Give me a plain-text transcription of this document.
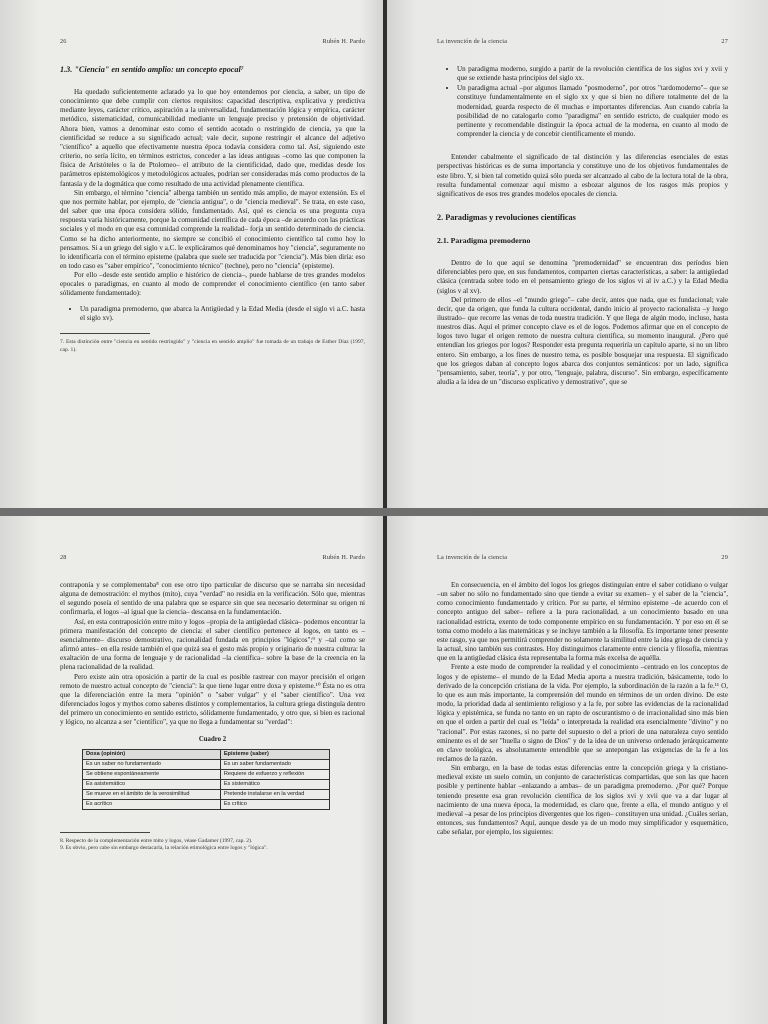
26	Rubén H. Pardo
1.3. "Ciencia" en sentido amplio: un concepto epocal⁷

Ha quedado suficientemente aclarado ya lo que hoy entendemos por ciencia, a saber, un tipo de conocimiento que debe cumplir con ciertos requisitos: capacidad descriptiva, explicativa y predictiva mediante leyes, carácter crítico, aspiración a la universalidad, fundamentación lógica y empírica, carácter metódico, sistematicidad, comunicabilidad mediante un lenguaje preciso y pretensión de objetividad. Ahora bien, vamos a denominar esto como el sentido acotado o restringido de ciencia, ya que la cientificidad se reduce a su significado actual; vale decir, supone restringir el alcance del adjetivo "científico" a aquello que efectivamente nuestra época todavía considera como tal. Así, siguiendo este criterio, no sería lícito, en términos estrictos, conceder a las ideas antiguas –como las que componen la física de Aristóteles o la de Ptolomeo– el atributo de la cientificidad, dado que, medidas desde los parámetros epistemológicos y metodológicos actuales, podrían ser consideradas más como productos de la fantasía y de la dogmática que como resultado de una actividad plenamente científica.

Sin embargo, el término "ciencia" alberga también un sentido más amplio, de mayor extensión. Es el que nos permite hablar, por ejemplo, de "ciencia antigua", o de "ciencia medieval". Se trata, en este caso, del saber que una época considera sólido, fundamentado. Así, qué es ciencia es una pregunta cuya respuesta varía históricamente, porque la comunidad científica de cada época –de acuerdo con las prácticas sociales y el modo en que esa comunidad comprende la realidad– forja un sentido determinado de ciencia. Como se ha dicho anteriormente, no siempre se concibió el conocimiento científico tal como hoy lo pensamos. Si a un griego del siglo v a.C. le explicáramos qué denominamos hoy "ciencia", seguramente no lo identificaría con el término episteme (palabra que suele ser traducida por "ciencia"). Más bien diría: eso en todo caso es "saber empírico", "conocimiento técnico" (techne), pero no "ciencia" (episteme).

Por ello –desde este sentido amplio e histórico de ciencia–, puede hablarse de tres grandes modelos epocales o paradigmas, en cuanto al modo de comprender el conocimiento científico (en tanto saber sólidamente fundamentado):

• Un paradigma premoderno, que abarca la Antigüedad y la Edad Media (desde el siglo vi a.C. hasta el siglo xv).

7. Esta distinción entre "ciencia en sentido restringido" y "ciencia en sentido amplio" fue tomada de un trabajo de Esther Díaz (1997, cap. 1).

La invención de la ciencia	27
• Un paradigma moderno, surgido a partir de la revolución científica de los siglos xvi y xvii y que se extiende hasta principios del siglo xx.
• Un paradigma actual –por algunos llamado "posmoderno", por otros "tardomoderno"– que se constituye fundamentalmente en el siglo xx y que si bien no difiere totalmente del de la modernidad, guarda respecto de él muchas e importantes diferencias. Aun cuando cabría la posibilidad de no catalogarlo como "paradigma" en sentido estricto, de cualquier modo es pertinente y recomendable distinguir la época actual de la moderna, en cuanto al modo de comprender la ciencia y de concebir científicamente el mundo.

Entender cabalmente el significado de tal distinción y las diferencias esenciales de estas perspectivas históricas es de suma importancia y constituye uno de los objetivos fundamentales de este libro. Y, si bien tal cometido quizá sólo pueda ser alcanzado al cabo de la lectura total de la obra, resulta fundamental comenzar aquí mismo a esbozar algunos de los rasgos más propios y significativos de esos tres grandes modelos epocales de ciencia.

2. Paradigmas y revoluciones científicas
2.1. Paradigma premoderno

Dentro de lo que aquí se denomina "premodernidad" se encuentran dos períodos bien diferenciables pero que, en sus fundamentos, comparten ciertas características, a saber: la antigüedad clásica (centrada sobre todo en el pensamiento griego de los siglos vi al iv a.C.) y la Edad Media (siglos v al xv).

Del primero de ellos –el "mundo griego"– cabe decir, antes que nada, que es fundacional; vale decir, que da origen, que funda la cultura occidental, dando inicio al proyecto racionalista –y luego ilustrado– que recorre las venas de toda nuestra tradición. Y que llega de algún modo, incluso, hasta nuestros días. Aquí el primer concepto clave es el de logos. Podemos afirmar que en el concepto de logos tuvo lugar el origen remoto de nuestra cultura científica, su momento inaugural. ¿Pero qué entendían los griegos por logos? Responder esta pregunta requeriría un capítulo aparte, si no un libro entero. Sin embargo, a los fines de nuestro tema, es posible bosquejar una respuesta. El significado que los griegos daban al concepto logos abarca dos conjuntos semánticos: por un lado, significa "pensamiento, saber, teoría", y por otro, "lenguaje, palabra, discurso". Sin embargo, específicamente aludía a la idea de un "discurso explicativo y demostrativo", que se

28	Rubén H. Pardo

contraponía y se complementaba⁸ con ese otro tipo particular de discurso que se narraba sin necesidad alguna de demostración: el mythos (mito), cuya "verdad" no residía en la verificación. Sólo que, mientras el segundo poseía el sentido de una palabra que se esparce sin que sea necesario determinar su origen ni confirmarla, el logos –al igual que la ciencia– descansa en la fundamentación.

Así, en esta contraposición entre mito y logos –propia de la antigüedad clásica– podemos encontrar la primera manifestación del concepto de ciencia: el saber científico pertenece al logos, en tanto es –esencialmente– discurso demostrativo, racionalidad fundada en principios "lógicos";⁹ y –tal como se afirmó antes– en ella reside también el que quizá sea el gesto más propio y originario de nuestra cultura: la exaltación de una forma de lenguaje y de racionalidad –la científica– sobre la base de la creencia en la plena racionalidad de la realidad.

Pero existe aún otra oposición a partir de la cual es posible rastrear con mayor precisión el origen remoto de nuestro actual concepto de "ciencia": la que tiene lugar entre doxa y episteme.¹⁰ Ésta no es otra que la diferenciación entre la mera "opinión" o "saber vulgar" y el "saber científico". Una vez diferenciados logos y mythos como saberes distintos y complementarios, la cultura griega distinguía dentro del primero un conocimiento en sentido estricto, sólidamente fundamentado, y otro que, si bien es racional y lógico, no alcanza a ser "científico", ya que no llega a fundamentar su "verdad":

Cuadro 2
Doxa (opinión)	Episteme (saber)
Es un saber no fundamentado	Es un saber fundamentado
Se obtiene espontáneamente	Requiere de esfuerzo y reflexión
Es asistemático	Es sistemático
Se mueve en el ámbito de la verosimilitud	Pretende instalarse en la verdad
Es acrítico	Es crítico

8. Respecto de la complementación entre mito y logos, véase Gadamer (1997, cap. 2).

9. Es obvio, pero cabe sin embargo destacarla, la relación etimológica entre logos y "lógica".

La invención de la ciencia	29

En consecuencia, en el ámbito del logos los griegos distinguían entre el saber cotidiano o vulgar –un saber no sólo no fundamentado sino que tiende a evitar su examen– y el saber de la "ciencia", como conocimiento fundamentado y crítico. Por su parte, el término episteme –de acuerdo con el concepto antiguo del saber– refiere a la pura racionalidad, a un conocimiento basado en una racionalidad estricta, exento de todo componente empírico en su fundamentación. Y por eso en él se toma como modelo a las matemáticas y se incluye también a la filosofía. Es importante tener presente este rasgo, ya que nos permitirá comprender no solamente la similitud entre la idea griega de ciencia y la actual, sino también sus contrastes. Hoy distinguimos claramente entre ciencia y filosofía, mientras que en la antigüedad clásica ésta representaba la forma más excelsa de aquélla.

Frente a este modo de comprender la realidad y el conocimiento –centrado en los conceptos de logos y de episteme– el mundo de la Edad Media aporta a nuestra tradición, básicamente, todo lo derivado de la concepción cristiana de la vida. Por ejemplo, la subordinación de la razón a la fe.¹¹ O, lo que es aun más importante, la comprensión del mundo en términos de un orden divino. De este modo, la prioridad dada al sentimiento religioso y a la fe, por sobre las evidencias de la racionalidad lógica y epistémica, se funda no tanto en un rapto de oscurantismo o de irracionalidad sino más bien en que el orden a partir del cual es "leída" o interpretada la realidad era esencialmente "divino" y no "racional". Por estas razones, si no parte del supuesto o del a priori de una naturaleza cuyo sentido eminente es el de ser "huella o signo de Dios" y de la idea de un universo ordenado jerárquicamente en clave teológica, es absolutamente entendible que se antepongan las exigencias de la fe a los reclamos de la razón.

Sin embargo, en la base de todas estas diferencias entre la concepción griega y la cristiano-medieval existe un suelo común, un conjunto de características compartidas, que son las que hacen posible y pertinente hablar –enlazando a ambas– de un paradigma premoderno. ¿Por qué? Porque teniendo presente esa gran revolución científica de los siglos xvi y xvii que va a dar lugar al nacimiento de una nueva época, la modernidad, es claro que, frente a ella, el mundo antiguo y el medieval –a pesar de los principios divergentes que los rigen– constituyen una unidad. ¿Cuáles serían, entonces, sus fundamentos? Aquí, aunque desde ya de un modo muy simplificador y esquemático, cabe señalar, por ejemplo, los siguientes:
